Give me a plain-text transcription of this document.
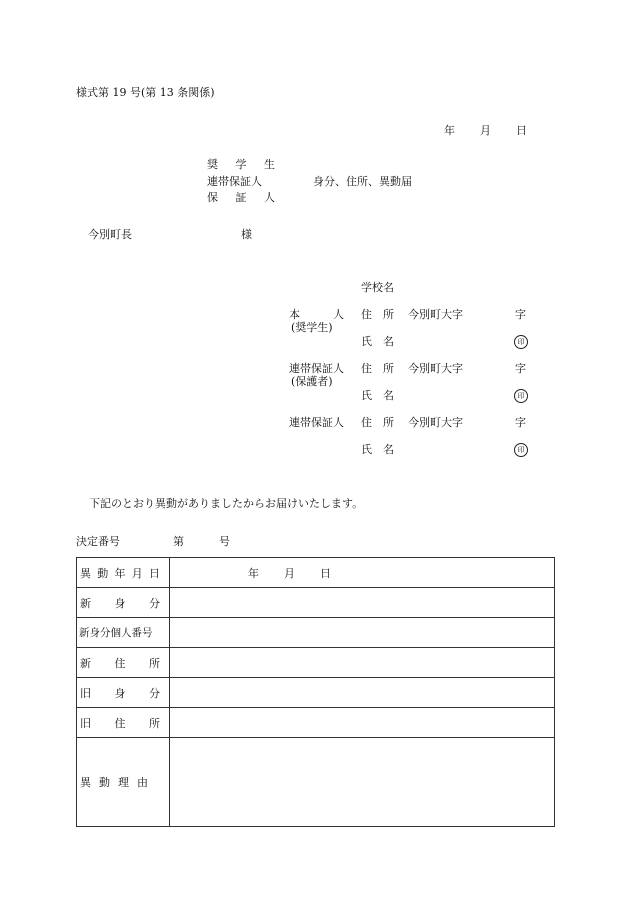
様式第 19 号(第 13 条関係)
年 月 日
奨 学 生
連帯保証人
保 証 人
身分、住所、異動届
今別町長	様
学校名
本　　　人
(奨学生)
住　所 今別町大字	字
氏　名	印
連帯保証人
(保護者)
住　所 今別町大字	字
氏　名	印
連帯保証人 住　所 今別町大字	字
氏　名	印
下記のとおり異動がありましたからお届けいたします。
決定番号	第	号
異 動 年 月 日	年 月 日

新 身 分	

新身分個人番号	

新 住 所	

旧 身 分	

旧 住 所	

異 動 理 由	
